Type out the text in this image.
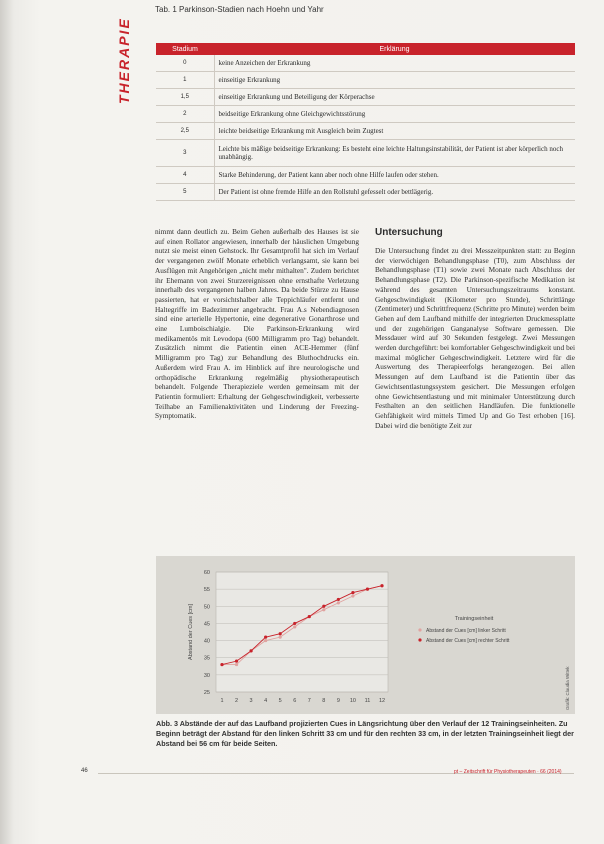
THERAPIE
Tab. 1 Parkinson-Stadien nach Hoehn und Yahr
Stadium	Erklärung
0	keine Anzeichen der Erkrankung
1	einseitige Erkrankung
1,5	einseitige Erkrankung und Beteiligung der Körperachse
2	beidseitige Erkrankung ohne Gleichgewichtsstörung
2,5	leichte beidseitige Erkrankung mit Ausgleich beim Zugtest
3	Leichte bis mäßige beidseitige Erkrankung: Es besteht eine leichte Haltungsinstabilität, der Patient ist aber körperlich noch unabhängig.
4	Starke Behinderung, der Patient kann aber noch ohne Hilfe laufen oder stehen.
5	Der Patient ist ohne fremde Hilfe an den Rollstuhl gefesselt oder bettlägerig.
nimmt dann deutlich zu. Beim Gehen außerhalb des Hauses ist sie auf einen Rollator angewiesen, innerhalb der häuslichen Umgebung nutzt sie meist einen Gehstock. Ihr Gesamtprofil hat sich im Verlauf der vergangenen zwölf Monate erheblich verlangsamt, sie kann bei Ausflügen mit Angehörigen „nicht mehr mithalten". Zudem berichtet ihr Ehemann von zwei Sturzereignissen ohne ernsthafte Verletzung innerhalb des vergangenen halben Jahres. Da beide Stürze zu Hause passierten, hat er vorsichtshalber alle Teppichläufer entfernt und Haltegriffe im Badezimmer angebracht. Frau A.s Nebendiagnosen sind eine arterielle Hypertonie, eine degenerative Gonarthrose und eine Lumboischialgie. Die Parkinson-Erkrankung wird medikamentös mit Levodopa (600 Milligramm pro Tag) behandelt. Zusätzlich nimmt die Patientin einen ACE-Hemmer (fünf Milligramm pro Tag) zur Behandlung des Bluthochdrucks ein. Außerdem wird Frau A. im Hinblick auf ihre neurologische und orthopädische Erkrankung regelmäßig physiotherapeutisch behandelt. Folgende Therapieziele werden gemeinsam mit der Patientin formuliert: Erhaltung der Gehgeschwindigkeit, verbesserte Teilhabe an Familienaktivitäten und Linderung der Freezing-Symptomatik.
Untersuchung
Die Untersuchung findet zu drei Messzeitpunkten statt: zu Beginn der vierwöchigen Behandlungsphase (T0), zum Abschluss der Behandlungsphase (T1) sowie zwei Monate nach Abschluss der Behandlungsphase (T2). Die Parkinson-spezifische Medikation ist während des gesamten Untersuchungszeitraums konstant. Gehgeschwindigkeit (Kilometer pro Stunde), Schrittlänge (Zentimeter) und Schrittfrequenz (Schritte pro Minute) werden beim Gehen auf dem Laufband mithilfe der integrierten Druckmessplatte und der zugehörigen Ganganalyse Software gemessen. Die Messdauer wird auf 30 Sekunden festgelegt. Zwei Messungen werden durchgeführt: bei komfortabler Gehgeschwindigkeit und bei maximal möglicher Gehgeschwindigkeit. Letztere wird für die Auswertung des Therapieerfolgs herangezogen. Bei allen Messungen auf dem Laufband ist die Patientin über das Gewichtsentlastungssystem gesichert. Die Messungen erfolgen ohne Gewichtsentlastung und mit minimaler Unterstützung durch Festhalten an den seitlichen Handläufen. Die funktionelle Gehfähigkeit wird mittels Timed Up and Go Test erhoben [16]. Dabei wird die benötigte Zeit zur
25
30
35
40
45
50
55
60
1 2 3 4 5 6 7 8 9 10 11 12
Abstand der Cues [cm]	Trainingseinheit
Abstand der Cues [cm] linker Schritt
Abstand der Cues [cm] rechter Schritt
Grafik: Claudia Wittek
Abb. 3 Abstände der auf das Laufband projizierten Cues in Längsrichtung über den Verlauf der 12 Trainingseinheiten. Zu Beginn beträgt der Abstand für den linken Schritt 33 cm und für den rechten 33 cm, in der letzten Trainingseinheit liegt der Abstand bei 56 cm für beide Seiten.
46	pt – Zeitschrift für Physiotherapeuten · 66 (2014)
